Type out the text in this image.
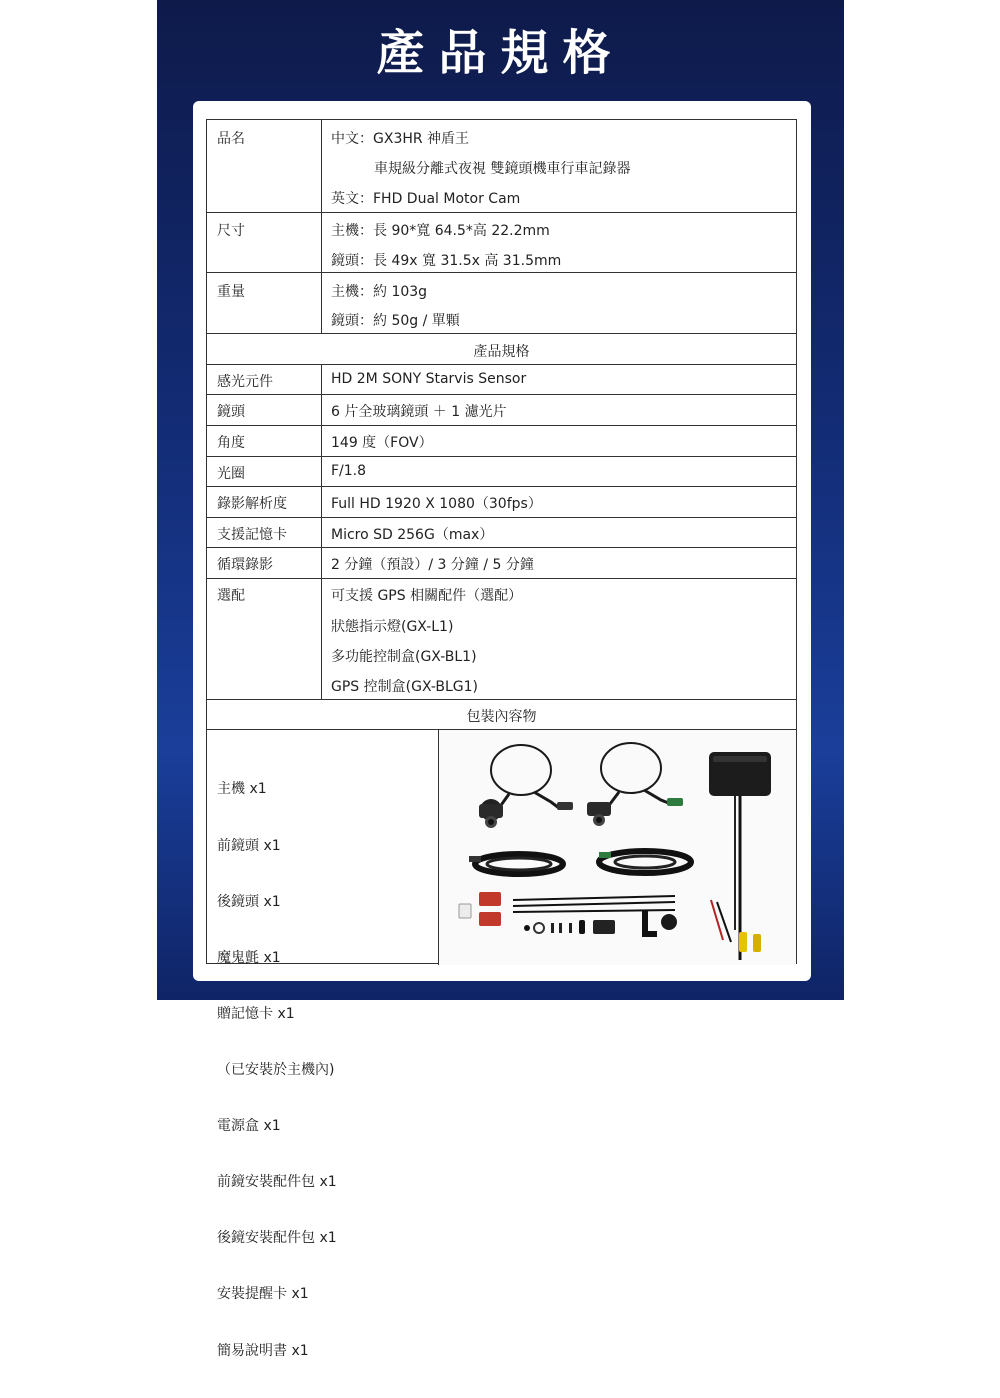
產品規格
品名	中文：GX3HR 神盾王
車規級分離式夜視 雙鏡頭機車行車記錄器
英文：FHD Dual Motor Cam
尺寸	主機：長 90*寬 64.5*高 22.2mm
鏡頭：長 49x 寬 31.5x 高 31.5mm
重量	主機：約 103g
鏡頭：約 50g / 單顆
產品規格
感光元件	HD 2M SONY Starvis Sensor
鏡頭	6 片全玻璃鏡頭 ＋ 1 濾光片
角度	149 度（FOV）
光圈	F/1.8
錄影解析度	Full HD 1920 X 1080（30fps）
支援記憶卡	Micro SD 256G（max）
循環錄影	2 分鐘（預設）/ 3 分鐘 / 5 分鐘
選配	可支援 GPS 相關配件（選配）
狀態指示燈(GX-L1)
多功能控制盒(GX-BL1)
GPS 控制盒(GX-BLG1)
包裝內容物

主機 x1

前鏡頭 x1

後鏡頭 x1

魔鬼氈 x1

贈記憶卡 x1

（已安裝於主機內)

電源盒 x1

前鏡安裝配件包 x1

後鏡安裝配件包 x1

安裝提醒卡 x1

簡易說明書 x1
